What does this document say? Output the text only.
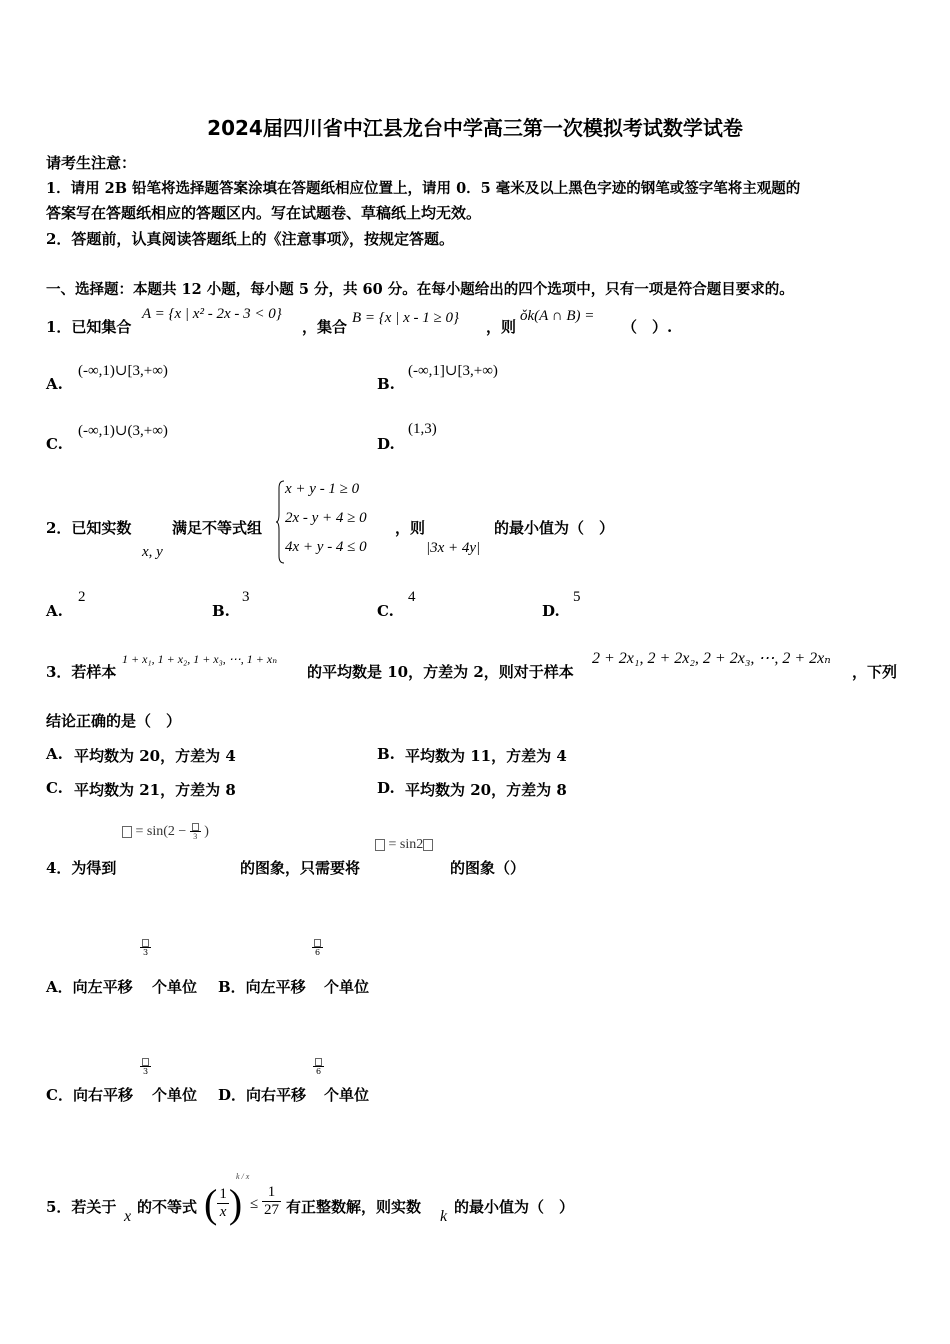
2024届四川省中江县龙台中学高三第一次模拟考试数学试卷
请考生注意：
1．请用 2B 铅笔将选择题答案涂填在答题纸相应位置上，请用 0．5 毫米及以上黑色字迹的钢笔或签字笔将主观题的
答案写在答题纸相应的答题区内。写在试题卷、草稿纸上均无效。
2．答题前，认真阅读答题纸上的《注意事项》，按规定答题。
一、选择题：本题共 12 小题，每小题 5 分，共 60 分。在每小题给出的四个选项中，只有一项是符合题目要求的。
1．已知集合
A = {x | x² - 2x - 3 < 0}
，集合 B = {x | x - 1 ≥ 0} ，则
ǒk(A ∩ B) =
（　）.
A.
(-∞,1)∪[3,+∞)
B.
(-∞,1]∪[3,+∞)
C.
(-∞,1)∪(3,+∞)
D.
(1,3)
2．已知实数
x, y
满足不等式组
x + y - 1 ≥ 0
2x - y + 4 ≥ 0
4x + y - 4 ≤ 0
，则
|3x + 4y|
的最小值为（　）
A.
2
B.
3
C.
4
D.
5
3．若样本
1 + x₁, 1 + x₂, 1 + x₃, ⋯, 1 + xₙ
的平均数是 10，方差为 2，则对于样本
2 + 2x₁, 2 + 2x₂, 2 + 2x₃, ⋯, 2 + 2xₙ
，下列
结论正确的是（　）
A. 平均数为 20，方差为 4	B. 平均数为 11，方差为 4
C. 平均数为 21，方差为 8	D. 平均数为 20，方差为 8
= sin(2 − 3 )
4．为得到	的图象，只需要将
= sin2
的图象（）
3	6
A．向左平移 个单位 B．向左平移 个单位
3	6
C．向右平移 个单位 D．向右平移 个单位
5．若关于
x
的不等式 ( $\frac{1}{x}$ )
k / x
≤ $\frac{1}{27}$ 有正整数解，则实数
k
的最小值为（　）
